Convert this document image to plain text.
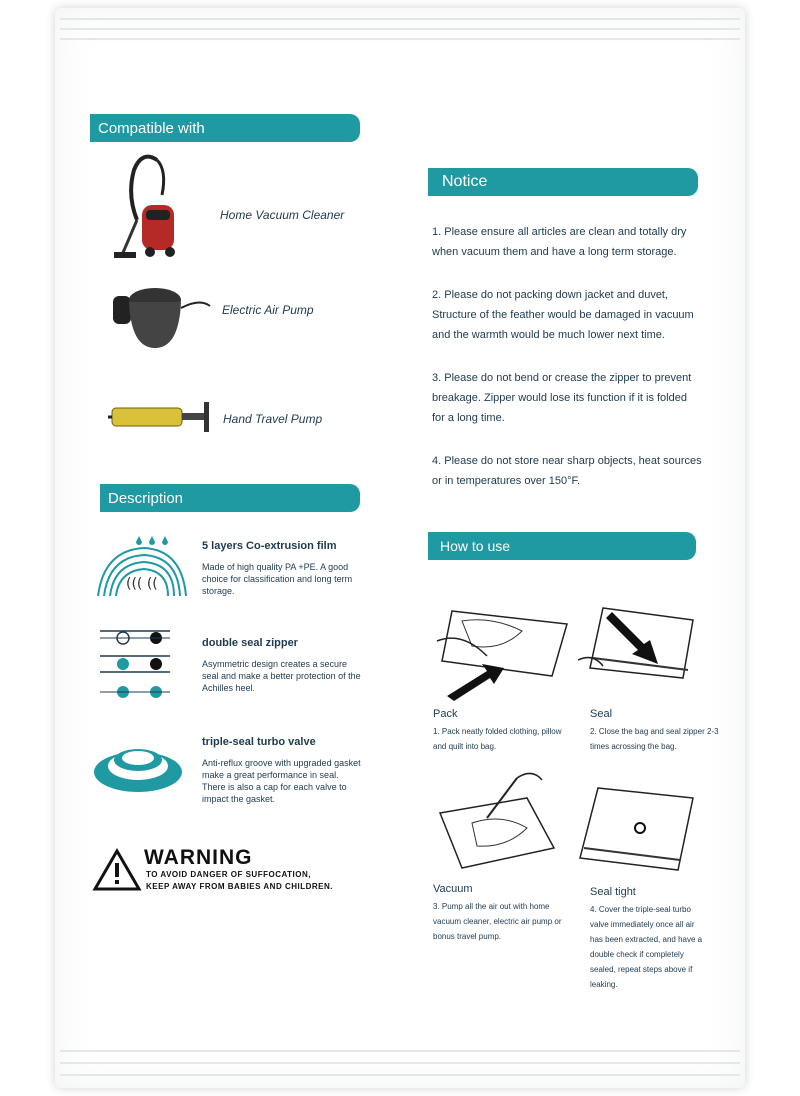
Compatible with
Home Vacuum Cleaner
Electric Air Pump
Hand Travel Pump
Description
((( ((
5 layers Co-extrusion film
Made of high quality PA +PE. A good choice for classification and long term storage.
double seal zipper
Asymmetric design creates a secure seal and make a better protection of the Achilles heel.
triple-seal turbo valve
Anti-reflux groove with upgraded gasket make a great performance in seal. There is also a cap for each valve to impact the gasket.
WARNING
TO AVOID DANGER OF SUFFOCATION,
KEEP AWAY FROM BABIES AND CHILDREN.
Notice
1. Please ensure all articles are clean and totally dry
when vacuum them and have a long term storage.
2. Please do not packing down jacket and duvet,
Structure of the feather would be damaged in vacuum
and the warmth would be much lower next time.
3. Please do not bend or crease the zipper to prevent
breakage. Zipper would lose its function if it is folded
for a long time.
4. Please do not store near sharp objects, heat sources
or in temperatures over 150°F.
How to use
Pack
1. Pack neatly folded clothing, pillow and quilt into bag.
Seal
2. Close the bag and seal zipper 2-3 times acrossing the bag.
Vacuum
3. Pump all the air out with home vacuum cleaner, electric air pump or bonus travel pump.
Seal tight
4. Cover the triple-seal turbo valve immediately once all air has been extracted, and have a double check if completely sealed, repeat steps above if leaking.
